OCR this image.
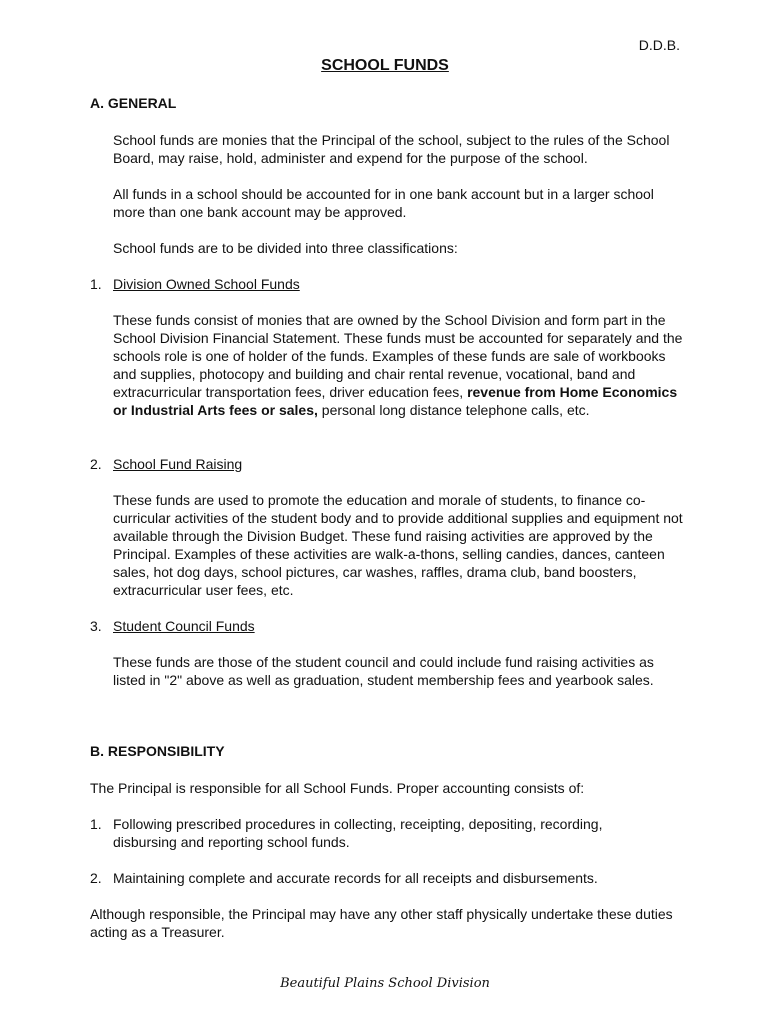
D.D.B.

SCHOOL FUNDS

A. GENERAL

School funds are monies that the Principal of the school, subject to the rules of the School Board, may raise, hold, administer and expend for the purpose of the school.

All funds in a school should be accounted for in one bank account but in a larger school more than one bank account may be approved.

School funds are to be divided into three classifications:

1. Division Owned School Funds

These funds consist of monies that are owned by the School Division and form part in the School Division Financial Statement. These funds must be accounted for separately and the schools role is one of holder of the funds. Examples of these funds are sale of workbooks and supplies, photocopy and building and chair rental revenue, vocational, band and extracurricular transportation fees, driver education fees, revenue from Home Economics or Industrial Arts fees or sales, personal long distance telephone calls, etc.

2. School Fund Raising

These funds are used to promote the education and morale of students, to finance co-curricular activities of the student body and to provide additional supplies and equipment not available through the Division Budget. These fund raising activities are approved by the Principal. Examples of these activities are walk-a-thons, selling candies, dances, canteen sales, hot dog days, school pictures, car washes, raffles, drama club, band boosters, extracurricular user fees, etc.

3. Student Council Funds

These funds are those of the student council and could include fund raising activities as listed in "2" above as well as graduation, student membership fees and yearbook sales.

B. RESPONSIBILITY

The Principal is responsible for all School Funds. Proper accounting consists of:

1. Following prescribed procedures in collecting, receipting, depositing, recording, disbursing and reporting school funds.
2. Maintaining complete and accurate records for all receipts and disbursements.

Although responsible, the Principal may have any other staff physically undertake these duties acting as a Treasurer.

Beautiful Plains School Division
